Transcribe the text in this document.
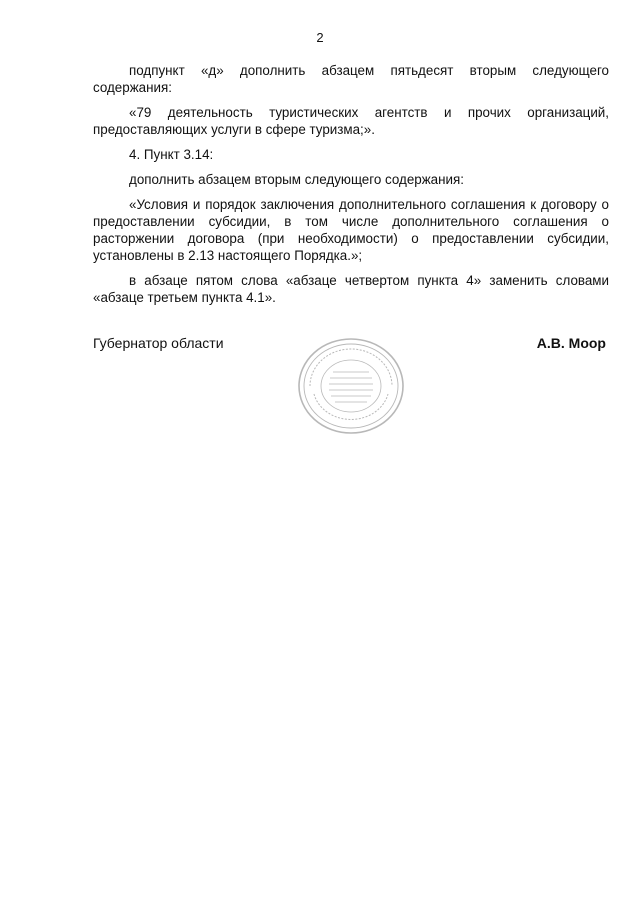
2

подпункт «д» дополнить абзацем пятьдесят вторым следующего содержания:

«79 деятельность туристических агентств и прочих организаций, предоставляющих услуги в сфере туризма;».

4. Пункт 3.14:

дополнить абзацем вторым следующего содержания:

«Условия и порядок заключения дополнительного соглашения к договору о предоставлении субсидии, в том числе дополнительного соглашения о расторжении договора (при необходимости) о предоставлении субсидии, установлены в 2.13 настоящего Порядка.»;

в абзаце пятом слова «абзаце четвертом пункта 4» заменить словами «абзаце третьем пункта 4.1».

Губернатор области	А.В. Моор
